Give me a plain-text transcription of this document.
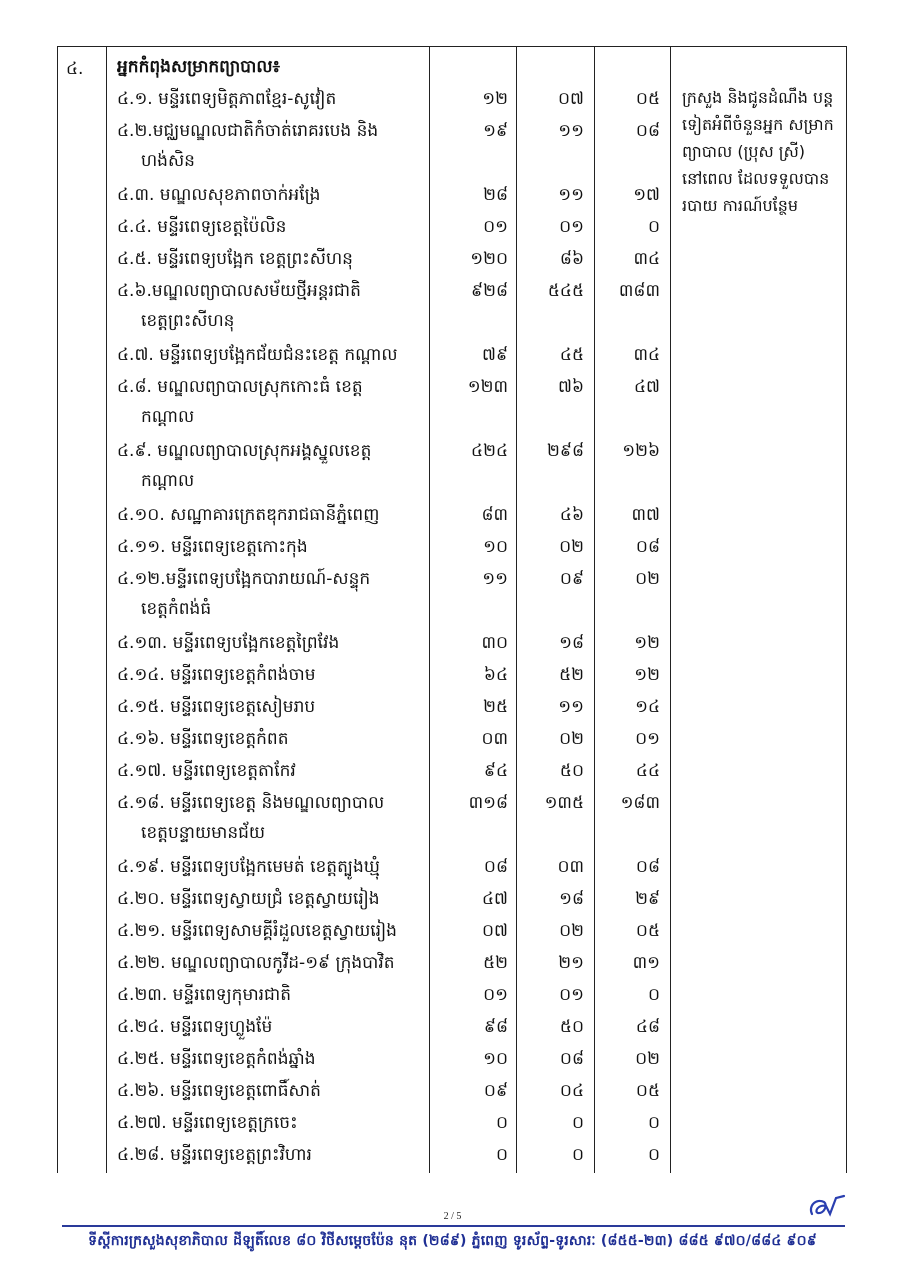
៤. អ្នកកំពុងសម្រាកព្យាបាល៖
ក្រសួង និងជូនដំណឹង បន្តទៀតអំពីចំនួនអ្នក សម្រាកព្យាបាល (ប្រុស ស្រី) នៅពេល ដែលទទួលបានរបាយ ការណ៍បន្ថែម
៤.១. មន្ទីរពេទ្យមិត្តភាពខ្មែរ-សូវៀត	១២	០៧	០៥
៤.២.មជ្ឈមណ្ឌលជាតិកំចាត់រោគរបេង និង
ហង់សិន
១៩	១១	០៨
៤.៣. មណ្ឌលសុខភាពចាក់អង្រែ	២៨	១១	១៧
៤.៤. មន្ទីរពេទ្យខេត្តប៉ៃលិន	០១	០១	០
៤.៥. មន្ទីរពេទ្យបង្អែក ខេត្តព្រះសីហនុ	១២០	៨៦	៣៤
៤.៦.មណ្ឌលព្យាបាលសម័យថ្មីអន្តរជាតិ
ខេត្តព្រះសីហនុ
៩២៨	៥៤៥	៣៨៣
៤.៧. មន្ទីរពេទ្យបង្អែកជ័យជំនះខេត្ត កណ្តាល	៧៩	៤៥	៣៤
៤.៨. មណ្ឌលព្យាបាលស្រុកកោះធំ ខេត្ត
កណ្តាល
១២៣	៧៦	៤៧
៤.៩. មណ្ឌលព្យាបាលស្រុកអង្គស្នួលខេត្ត
កណ្តាល
៤២៤	២៩៨	១២៦
៤.១០. សណ្ឋាគារក្រេតឌុករាជធានីភ្នំពេញ	៨៣	៤៦	៣៧
៤.១១. មន្ទីរពេទ្យខេត្តកោះកុង	១០	០២	០៨
៤.១២.មន្ទីរពេទ្យបង្អែកបារាយណ៍-សន្ទុក
ខេត្តកំពង់ធំ
១១	០៩	០២
៤.១៣. មន្ទីរពេទ្យបង្អែកខេត្តព្រៃវែង	៣០	១៨	១២
៤.១៤. មន្ទីរពេទ្យខេត្តកំពង់ចាម	៦៤	៥២	១២
៤.១៥. មន្ទីរពេទ្យខេត្តសៀមរាប	២៥	១១	១៤
៤.១៦. មន្ទីរពេទ្យខេត្តកំពត	០៣	០២	០១
៤.១៧. មន្ទីរពេទ្យខេត្តតាកែវ	៩៤	៥០	៤៤
៤.១៨. មន្ទីរពេទ្យខេត្ត និងមណ្ឌលព្យាបាល
ខេត្តបន្ទាយមានជ័យ
៣១៨	១៣៥	១៨៣
៤.១៩. មន្ទីរពេទ្យបង្អែកមេមត់ ខេត្តត្បូងឃ្មុំ	០៨	០៣	០៨
៤.២០. មន្ទីរពេទ្យស្វាយជ្រំ ខេត្តស្វាយរៀង	៤៧	១៨	២៩
៤.២១. មន្ទីរពេទ្យសាមគ្គីរំដួលខេត្តស្វាយរៀង	០៧	០២	០៥
៤.២២. មណ្ឌលព្យាបាលកូវីដ-១៩ ក្រុងបាវិត	៥២	២១	៣១
៤.២៣. មន្ទីរពេទ្យកុមារជាតិ	០១	០១	០
៤.២៤. មន្ទីរពេទ្យហ្លួងម៉ែ	៩៨	៥០	៤៨
៤.២៥. មន្ទីរពេទ្យខេត្តកំពង់ឆ្នាំង	១០	០៨	០២
៤.២៦. មន្ទីរពេទ្យខេត្តពោធិ៍សាត់	០៩	០៤	០៥
៤.២៧. មន្ទីរពេទ្យខេត្តក្រចេះ	០	០	០
៤.២៨. មន្ទីរពេទ្យខេត្តព្រះវិហារ	០	០	០
2 / 5
ទីស្តីការក្រសួងសុខាភិបាល ដីឡូតិ៍លេខ ៨០ វិថីសម្តេចប៉ែន នុត (២៨៩) ភ្នំពេញ ទូរស័ព្ទ-ទូរសារៈ (៨៥៥-២៣) ៨៨៥ ៩៧០/៨៨៤ ៩០៩
